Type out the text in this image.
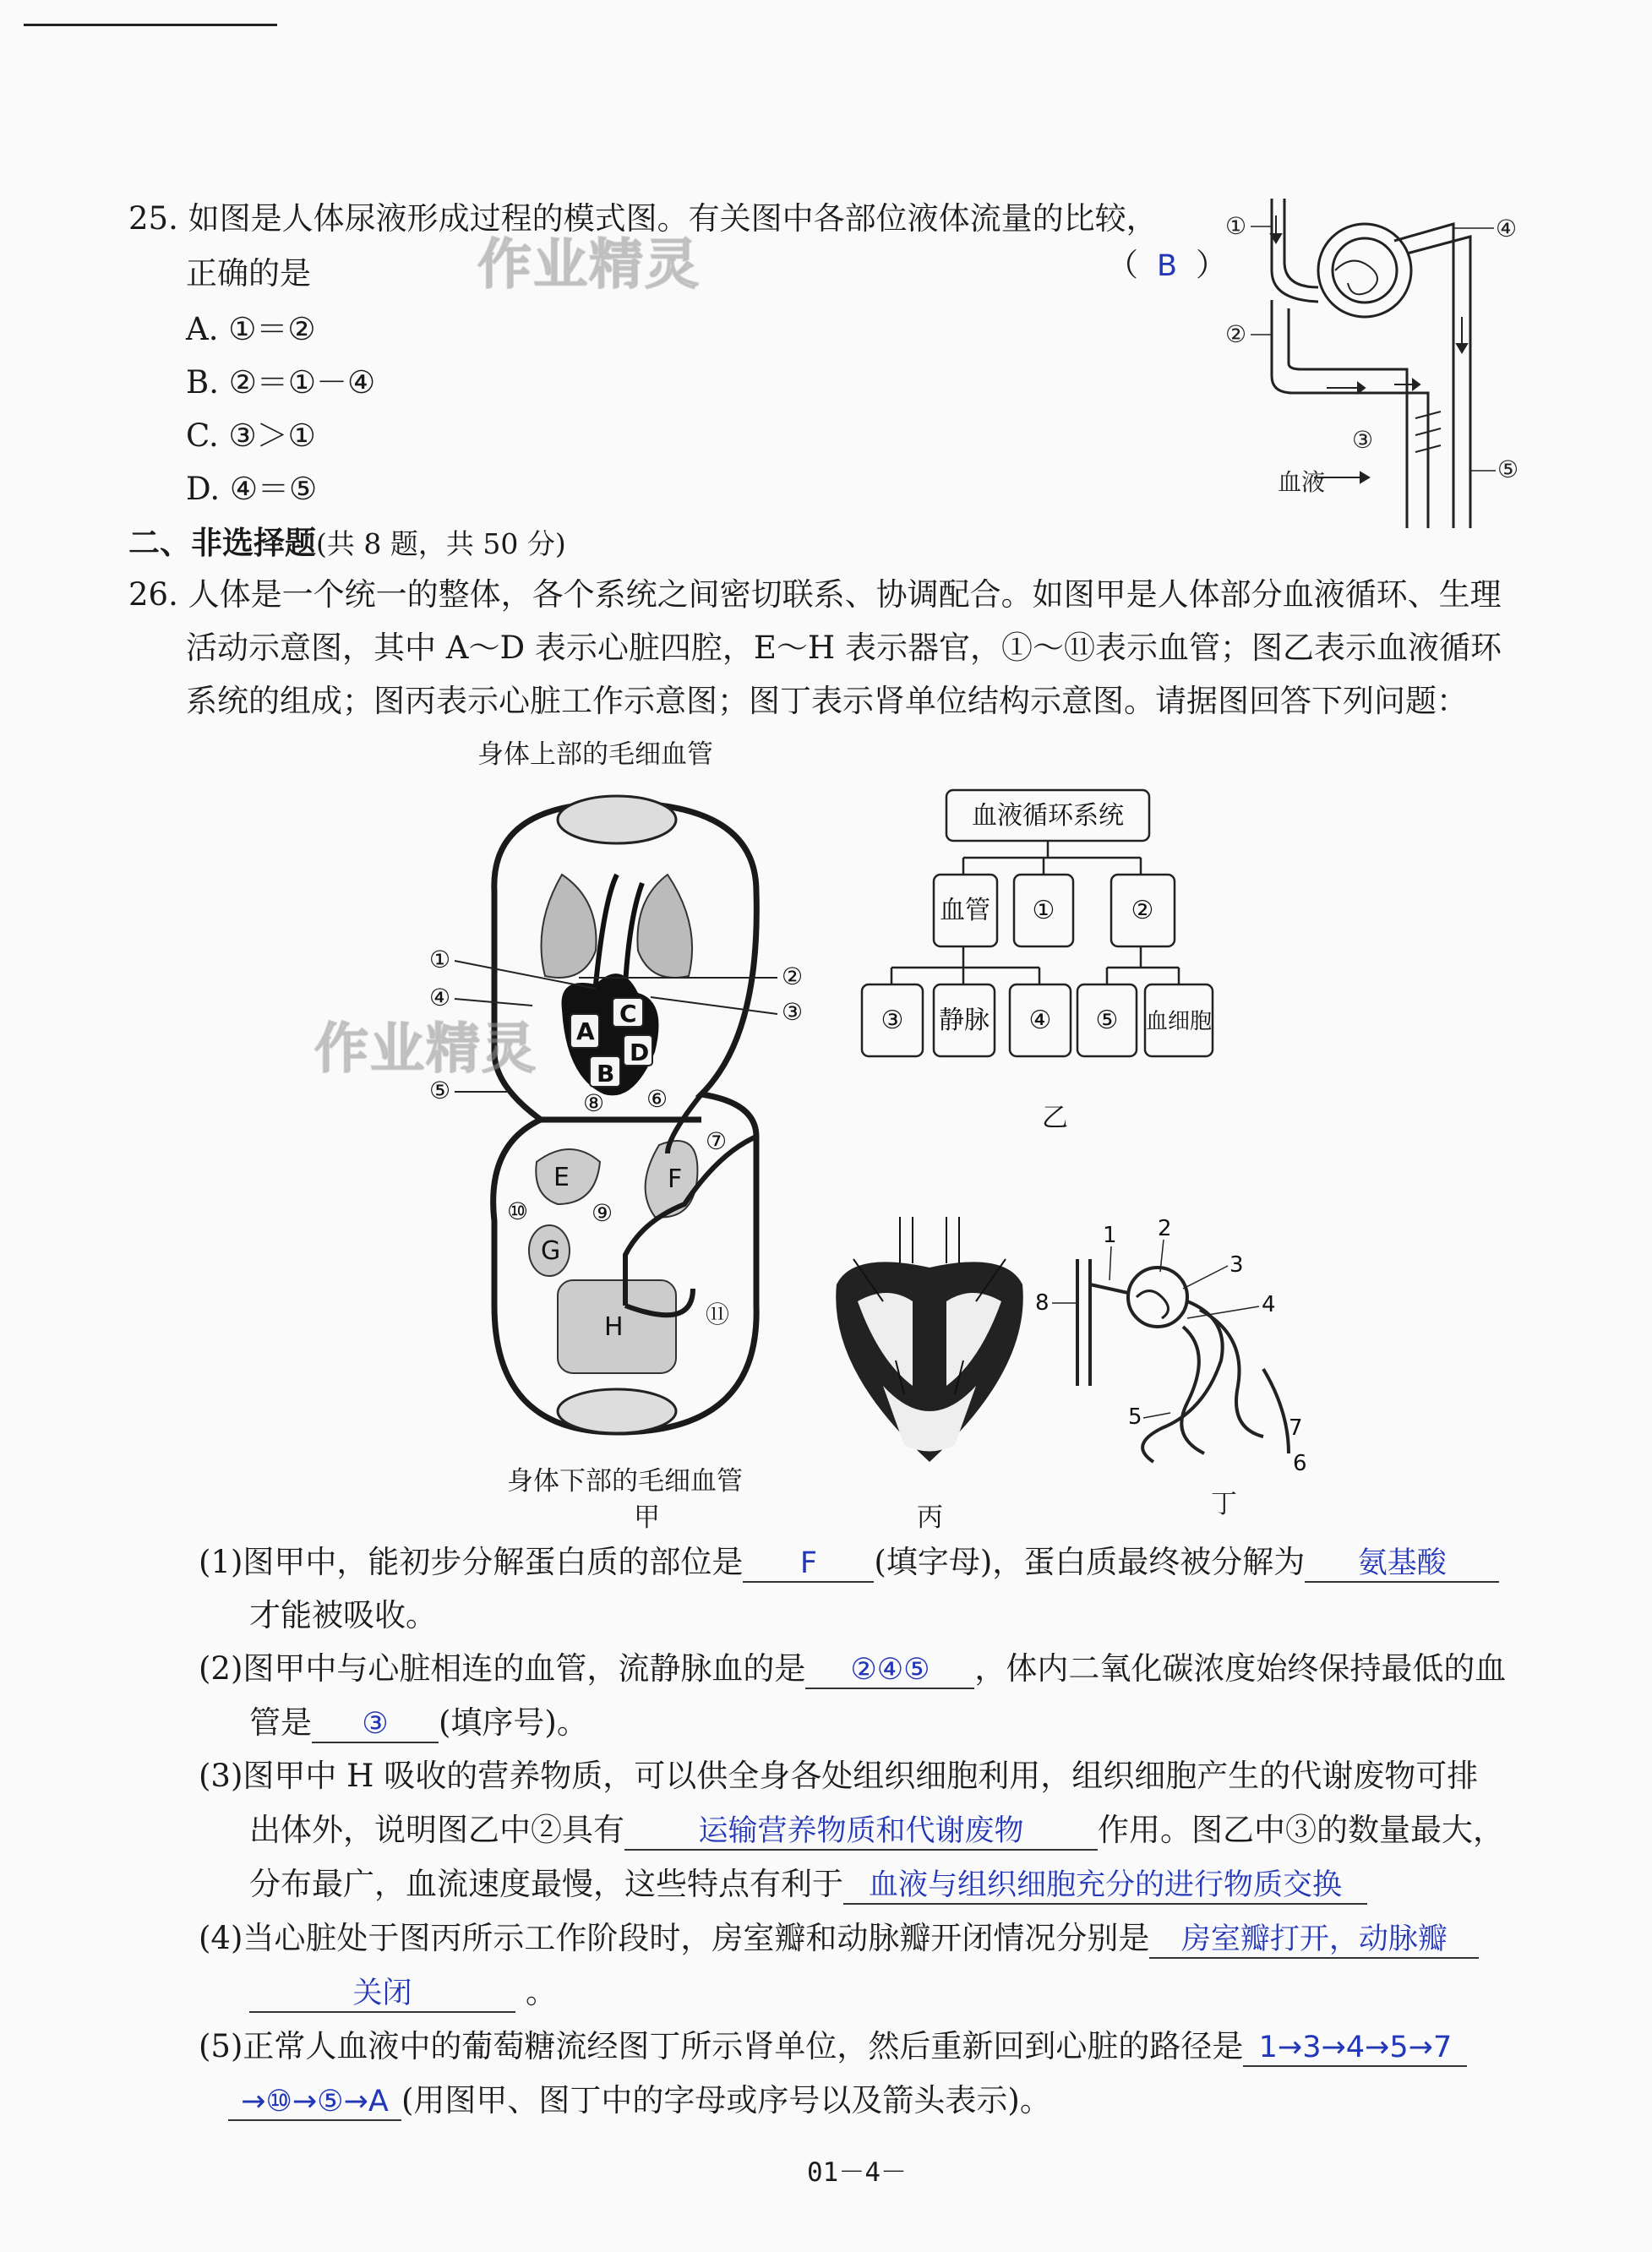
25. 如图是人体尿液形成过程的模式图。有关图中各部位液体流量的比较，
正确的是	（ B ）
A. ①＝②
B. ②＝①－④
C. ③＞①
D. ④＝⑤
作业精灵
①
②
③
④
⑤
血液
二、非选择题(共 8 题，共 50 分)
26. 人体是一个统一的整体，各个系统之间密切联系、协调配合。如图甲是人体部分血液循环、生理
活动示意图，其中 A～D 表示心脏四腔，E～H 表示器官，①～⑪表示血管；图乙表示血液循环
系统的组成；图丙表示心脏工作示意图；图丁表示肾单位结构示意图。请据图回答下列问题：
身体上部的毛细血管
A
B
C
D
E	F
G
H
①
②
③
④
⑤	⑥
⑦
⑧
⑨
⑩
⑪
作业精灵
身体下部的毛细血管
甲
血液循环系统
血管 ①	②
③ 静脉 ④ ⑤ 血细胞
乙
丙
1 2
3
4
5
6
7
8
丁
(1)图甲中，能初步分解蛋白质的部位是 F (填字母)，蛋白质最终被分解为 氨基酸
才能被吸收。
(2)图甲中与心脏相连的血管，流静脉血的是 ②④⑤ ，体内二氧化碳浓度始终保持最低的血
管是 ③ (填序号)。
(3)图甲中 H 吸收的营养物质，可以供全身各处组织细胞利用，组织细胞产生的代谢废物可排
出体外，说明图乙中②具有 运输营养物质和代谢废物 作用。图乙中③的数量最大，
分布最广，血流速度最慢，这些特点有利于 血液与组织细胞充分的进行物质交换
(4)当心脏处于图丙所示工作阶段时，房室瓣和动脉瓣开闭情况分别是 房室瓣打开，动脉瓣
关闭	。
(5)正常人血液中的葡萄糖流经图丁所示肾单位，然后重新回到心脏的路径是 1→3→4→5→7
→⑩→⑤→A (用图甲、图丁中的字母或序号以及箭头表示)。
01－4－
